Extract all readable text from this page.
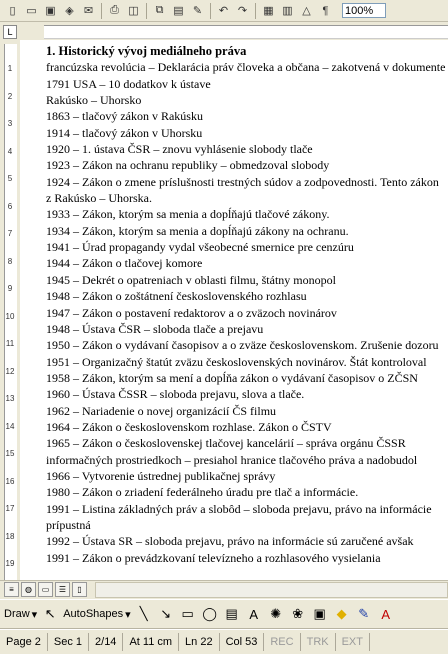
▯ ▭ ▣ ◈ ✉	⎙ ◫	⧉ ▤ ✎	↶ ↷	▦ ▥ △	¶	100%
L
1
2
3
4
5
6
7
8
9
10
11
12
13
14
15
16
17
18
19
1. Historický vývoj mediálneho práva
francúzska revolúcia – Deklarácia práv človeka a občana – zakotvená v dokumente
1791 USA – 10 dodatkov k ústave
Rakúsko – Uhorsko
1863 – tlačový zákon v Rakúsku
1914 – tlačový zákon v Uhorsku
1920 – 1. ústava ČSR – znovu vyhlásenie slobody tlače
1923 – Zákon na ochranu republiky – obmedzoval slobody
1924 – Zákon o zmene príslušnosti trestných súdov a zodpovednosti. Tento zákon
z Rakúsko – Uhorska.
1933 – Zákon, ktorým sa menia a dopĺňajú tlačové zákony.
1934 – Zákon, ktorým sa menia a dopĺňajú zákony na ochranu.
1941 – Úrad propagandy vydal všeobecné smernice pre cenzúru
1944 – Zákon o tlačovej komore
1945 – Dekrét o opatreniach v oblasti filmu, štátny monopol
1948 – Zákon o zoštátnení československého rozhlasu
1947 – Zákon o postavení redaktorov a o zväzoch novinárov
1948 – Ústava ČSR – sloboda tlače a prejavu
1950 – Zákon o vydávaní časopisov a o zväze československom. Zrušenie dozoru
1951 – Organizačný štatút zväzu československých novinárov. Štát kontroloval
1958 – Zákon, ktorým sa mení a dopĺňa zákon o vydávaní časopisov o ZČSN
1960 – Ústava ČSSR – sloboda prejavu, slova a tlače.
1962 – Nariadenie o novej organizácií ČS filmu
1964 – Zákon o československom rozhlase. Zákon o ČSTV
1965 – Zákon o československej tlačovej kancelárií – správa orgánu ČSSR
informačných prostriedkoch – presiahol hranice tlačového práva a nadobudol
1966 – Vytvorenie ústrednej publikačnej správy
1980 – Zákon o zriadení federálneho úradu pre tlač a informácie.
1991 – Listina základných práv a slobôd – sloboda prejavu, právo na informácie
prípustná
1992 – Ústava SR – sloboda prejavu, právo na informácie sú zaručené avšak
1991 – Zákon o prevádzkovaní televízneho a rozhlasového vysielania
≡	◍	▭	☰	▯
Draw ▾ ↖ AutoShapes ▾ ╲ ↘ ▭ ◯ ▤ A ✺ ❀ ▣ ◆ ✎ A
Page 2	Sec 1	2/14	At 11 cm	Ln 22	Col 53	REC	TRK	EXT
